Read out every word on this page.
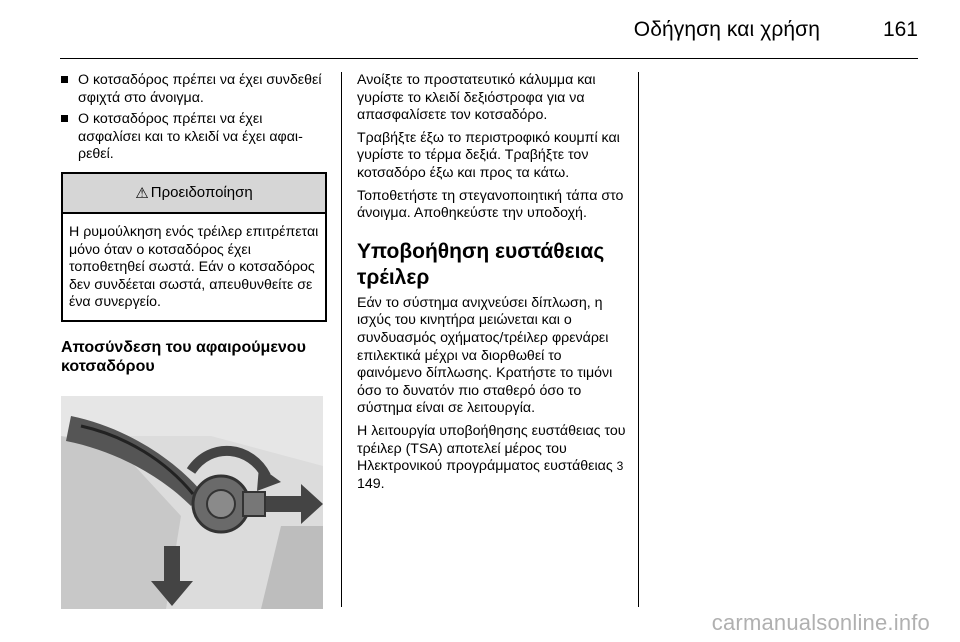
Οδήγηση και χρήση	161
Ο κοτσαδόρος πρέπει να έχει συνδεθεί σφιχτά στο άνοιγμα.
Ο κοτσαδόρος πρέπει να έχει ασφαλίσει και το κλειδί να έχει αφαιρεθεί.
⚠ Προειδοποίηση
Η ρυμούλκηση ενός τρέιλερ επιτρέπεται μόνο όταν ο κοτσαδόρος έχει τοποθετηθεί σωστά. Εάν ο κοτσαδόρος δεν συνδέεται σωστά, απευθυνθείτε σε ένα συνεργείο.
Αποσύνδεση του αφαιρούμενου κοτσαδόρου

Ανοίξτε το προστατευτικό κάλυμμα και γυρίστε το κλειδί δεξιόστροφα για να απασφαλίσετε τον κοτσαδόρο.

Τραβήξτε έξω το περιστροφικό κουμπί και γυρίστε το τέρμα δεξιά. Τραβήξτε τον κοτσαδόρο έξω και προς τα κάτω.

Τοποθετήστε τη στεγανοποιητική τάπα στο άνοιγμα. Αποθηκεύστε την υποδοχή.

Υποβοήθηση ευστάθειας τρέιλερ

Εάν το σύστημα ανιχνεύσει δίπλωση, η ισχύς του κινητήρα μειώνεται και ο συνδυασμός οχήματος/τρέιλερ φρενάρει επιλεκτικά μέχρι να διορθωθεί το φαινόμενο δίπλωσης. Κρατήστε το τιμόνι όσο το δυνατόν πιο σταθερό όσο το σύστημα είναι σε λειτουργία.

Η λειτουργία υποβοήθησης ευστάθειας του τρέιλερ (TSA) αποτελεί μέρος του Ηλεκτρονικού προγράμματος ευστάθειας 3 149.

carmanualsonline.info
